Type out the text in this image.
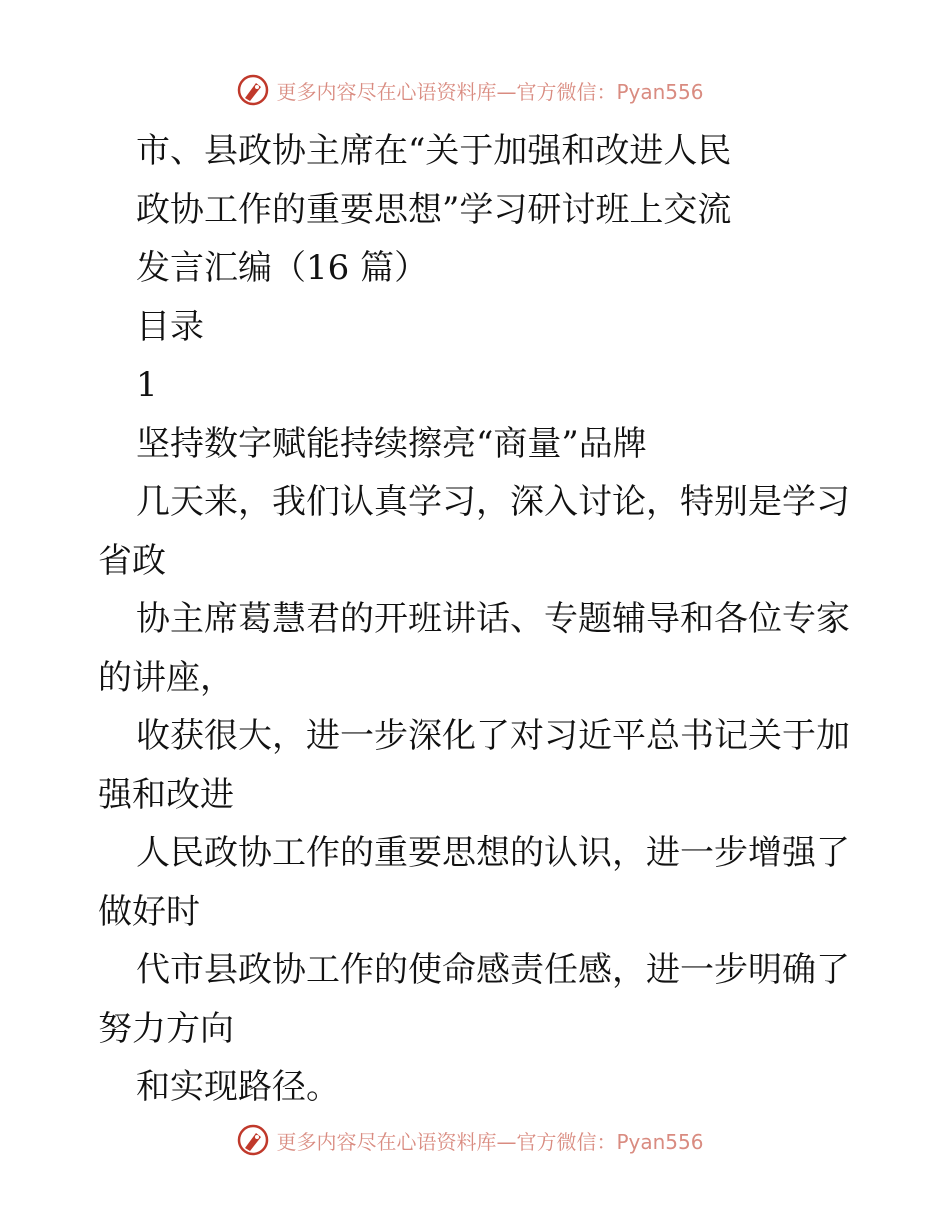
更多内容尽在心语资料库—官方微信：Pyan556
市、县政协主席在“关于加强和改进人民
政协工作的重要思想”学习研讨班上交流
发言汇编（16 篇）
目录
1
坚持数字赋能持续擦亮“商量”品牌
几天来，我们认真学习，深入讨论，特别是学习
省政
协主席葛慧君的开班讲话、专题辅导和各位专家
的讲座，
收获很大，进一步深化了对习近平总书记关于加
强和改进
人民政协工作的重要思想的认识，进一步增强了
做好时
代市县政协工作的使命感责任感，进一步明确了
努力方向
和实现路径。
更多内容尽在心语资料库—官方微信：Pyan556
